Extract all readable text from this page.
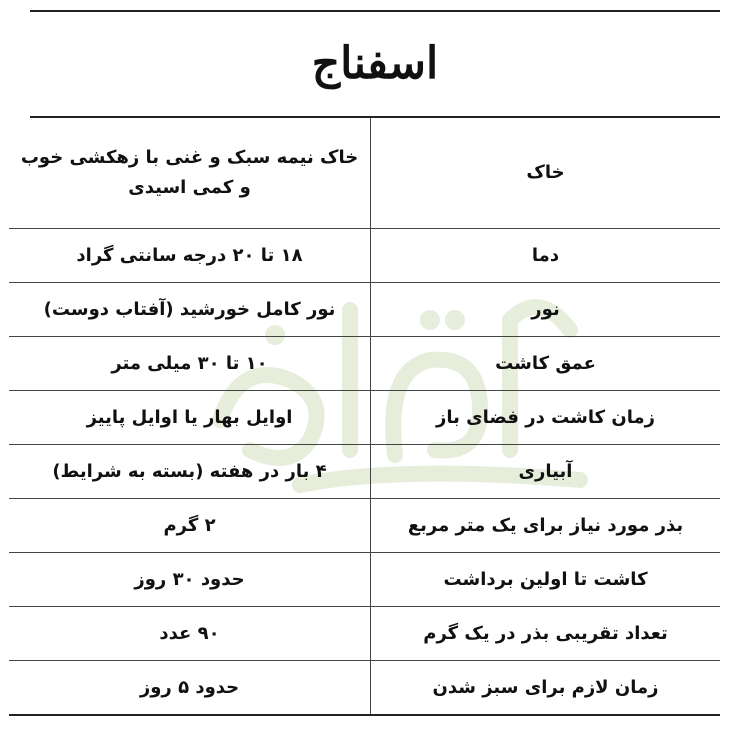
اسفناج
خاک	خاک نیمه سبک و غنی با زهکشی خوب و کمی اسیدی
دما	۱۸ تا ۲۰ درجه سانتی گراد
نور	نور کامل خورشید (آفتاب دوست)
عمق کاشت	۱۰ تا ۳۰ میلی متر
زمان کاشت در فضای باز	اوایل بهار یا اوایل پاییز
آبیاری	۴ بار در هفته (بسته به شرایط)
بذر مورد نیاز برای یک متر مربع	۲ گرم
کاشت تا اولین برداشت	حدود ۳۰ روز
تعداد تقریبی بذر در یک گرم	۹۰ عدد
زمان لازم برای سبز شدن	حدود ۵ روز
